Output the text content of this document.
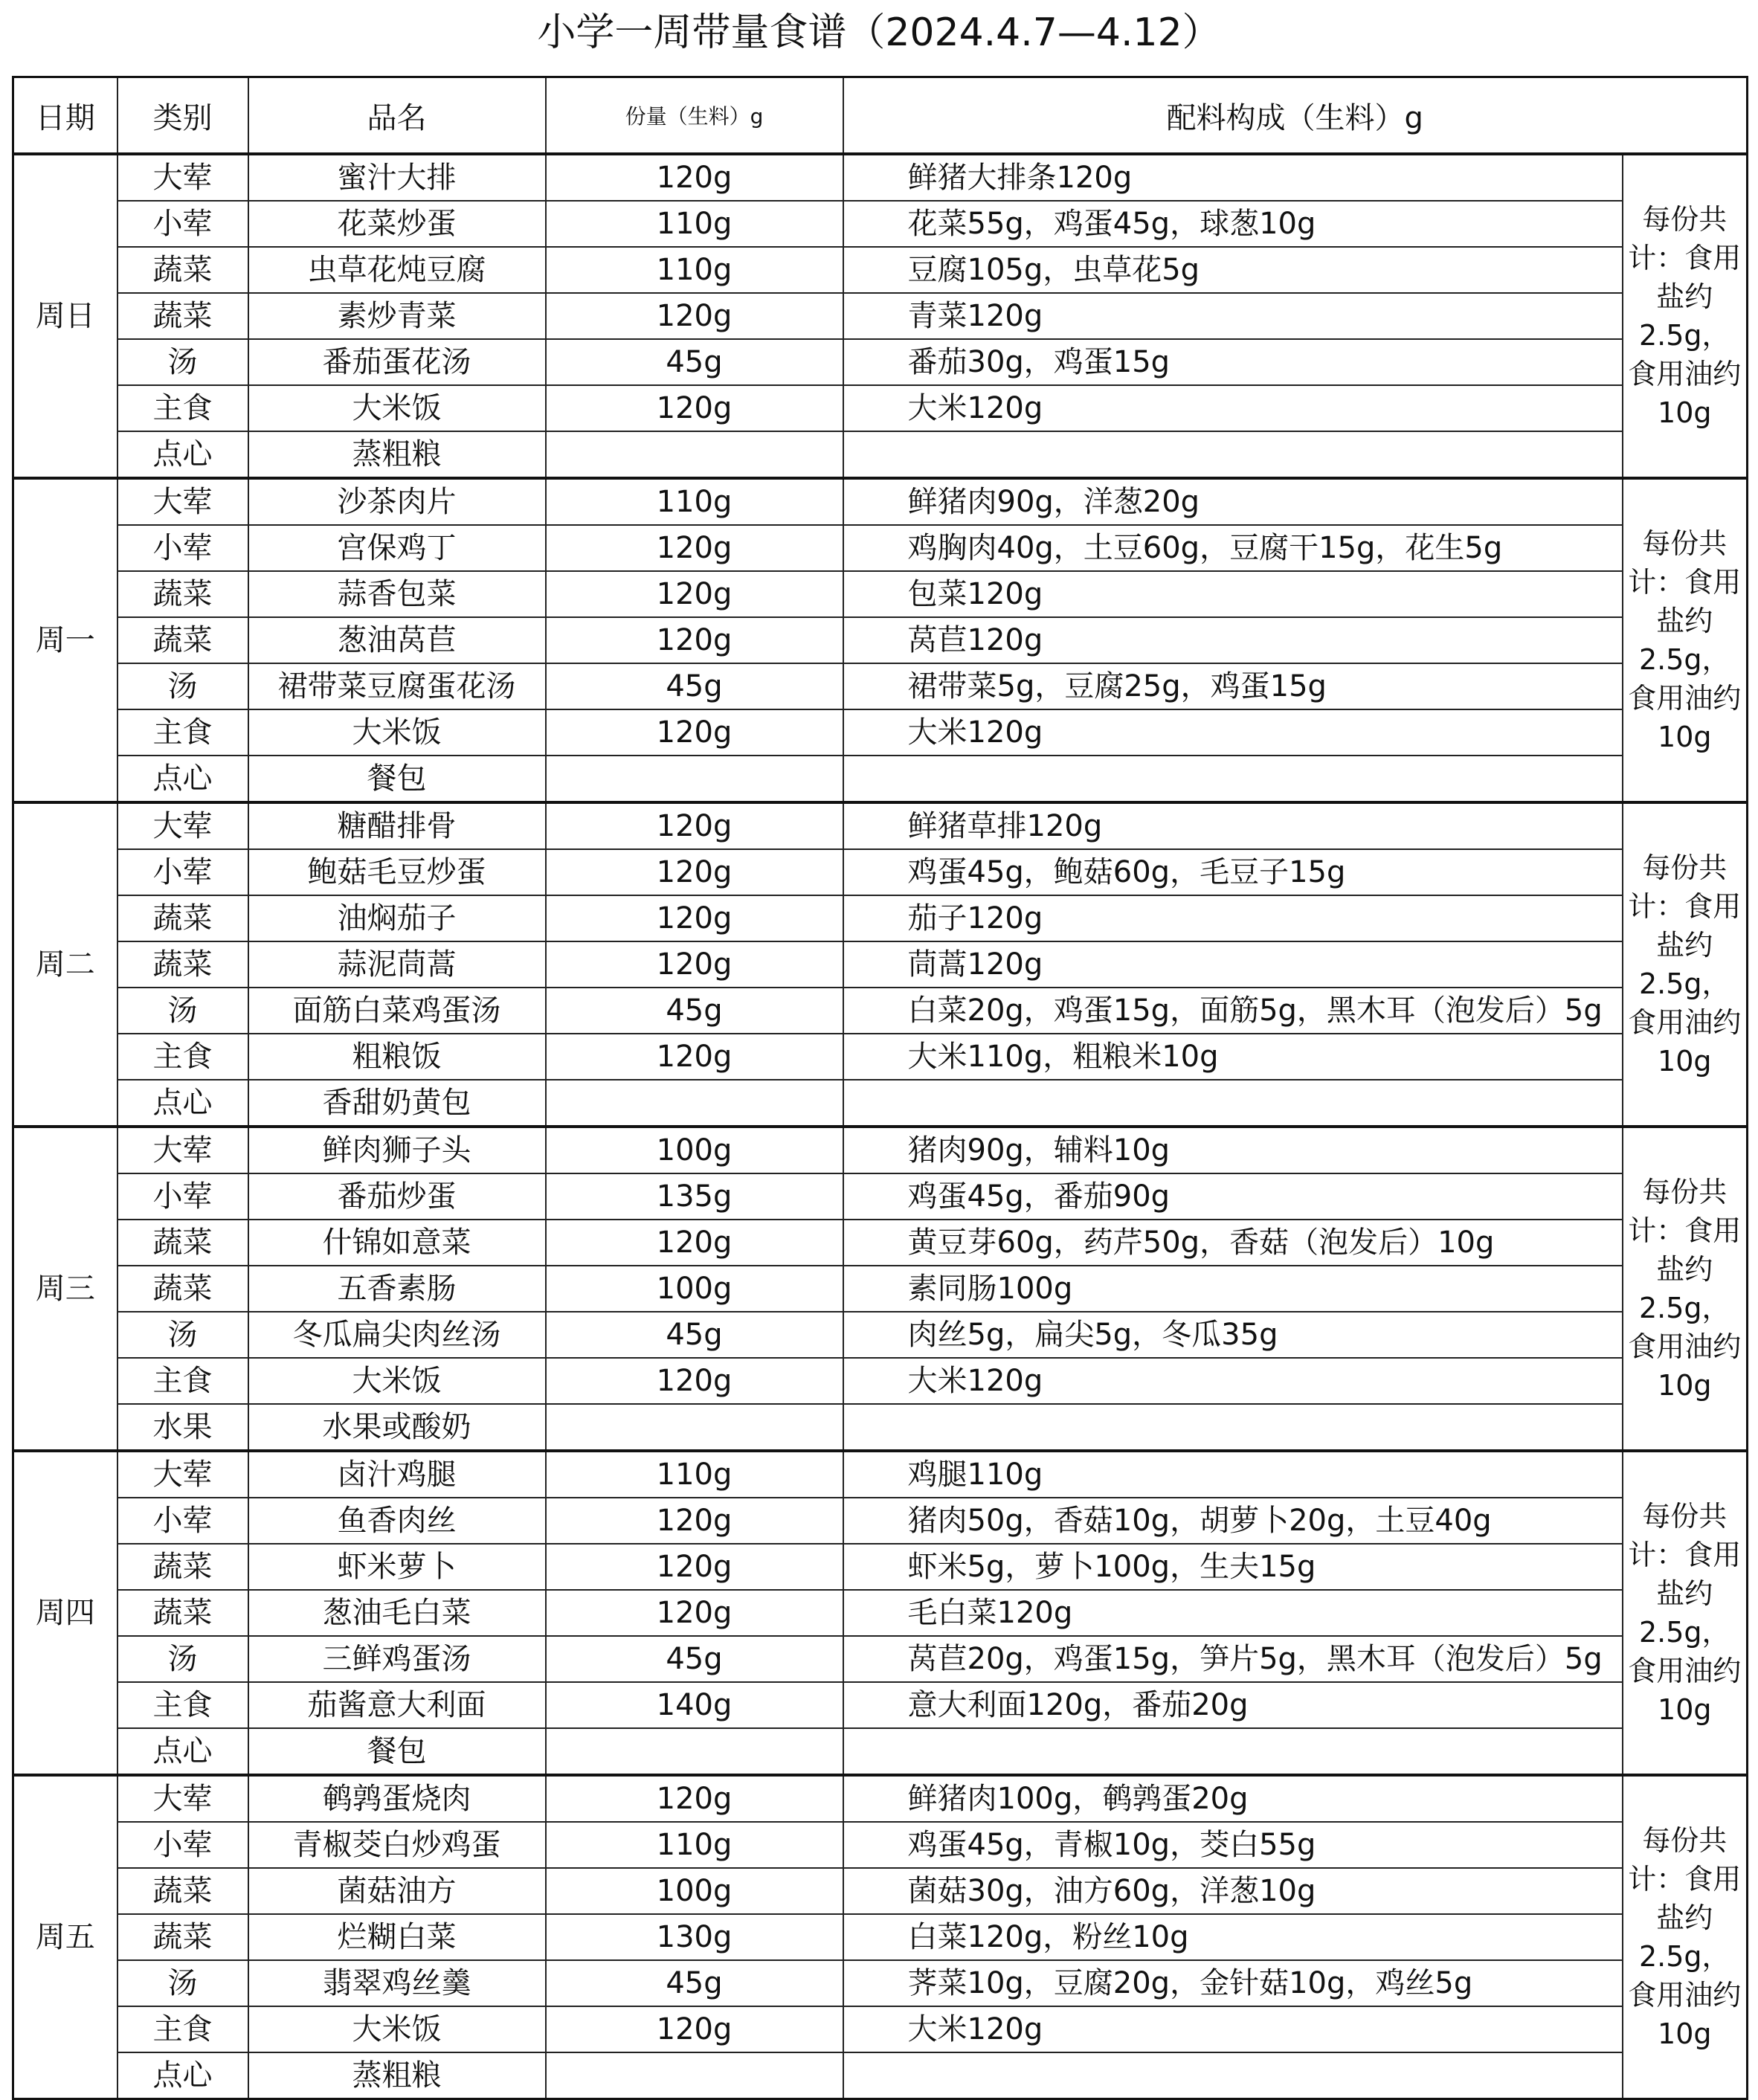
小学一周带量食谱（2024.4.7—4.12）
日期	类别	品名	份量（生料）g	配料构成（生料）g	
周日	大荤	蜜汁大排	120g	鲜猪大排条120g	每份共计：食用盐约2.5g，食用油约10g
	小荤	花菜炒蛋	110g	花菜55g，鸡蛋45g，球葱10g	
	蔬菜	虫草花炖豆腐	110g	豆腐105g，虫草花5g	
	蔬菜	素炒青菜	120g	青菜120g	
	汤	番茄蛋花汤	45g	番茄30g，鸡蛋15g	
	主食	大米饭	120g	大米120g	
	点心	蒸粗粮			
周一	大荤	沙茶肉片	110g	鲜猪肉90g，洋葱20g	每份共计：食用盐约2.5g，食用油约10g
	小荤	宫保鸡丁	120g	鸡胸肉40g，土豆60g，豆腐干15g，花生5g	
	蔬菜	蒜香包菜	120g	包菜120g	
	蔬菜	葱油莴苣	120g	莴苣120g	
	汤	裙带菜豆腐蛋花汤	45g	裙带菜5g，豆腐25g，鸡蛋15g	
	主食	大米饭	120g	大米120g	
	点心	餐包			
周二	大荤	糖醋排骨	120g	鲜猪草排120g	每份共计：食用盐约2.5g，食用油约10g
	小荤	鲍菇毛豆炒蛋	120g	鸡蛋45g，鲍菇60g，毛豆子15g	
	蔬菜	油焖茄子	120g	茄子120g	
	蔬菜	蒜泥茼蒿	120g	茼蒿120g	
	汤	面筋白菜鸡蛋汤	45g	白菜20g，鸡蛋15g，面筋5g，黑木耳（泡发后）5g	
	主食	粗粮饭	120g	大米110g，粗粮米10g	
	点心	香甜奶黄包			
周三	大荤	鲜肉狮子头	100g	猪肉90g，辅料10g	每份共计：食用盐约2.5g，食用油约10g
	小荤	番茄炒蛋	135g	鸡蛋45g，番茄90g	
	蔬菜	什锦如意菜	120g	黄豆芽60g，药芹50g，香菇（泡发后）10g	
	蔬菜	五香素肠	100g	素同肠100g	
	汤	冬瓜扁尖肉丝汤	45g	肉丝5g，扁尖5g，冬瓜35g	
	主食	大米饭	120g	大米120g	
	水果	水果或酸奶			
周四	大荤	卤汁鸡腿	110g	鸡腿110g	每份共计：食用盐约2.5g，食用油约10g
	小荤	鱼香肉丝	120g	猪肉50g，香菇10g，胡萝卜20g，土豆40g	
	蔬菜	虾米萝卜	120g	虾米5g，萝卜100g，生夫15g	
	蔬菜	葱油毛白菜	120g	毛白菜120g	
	汤	三鲜鸡蛋汤	45g	莴苣20g，鸡蛋15g，笋片5g，黑木耳（泡发后）5g	
	主食	茄酱意大利面	140g	意大利面120g，番茄20g	
	点心	餐包			
周五	大荤	鹌鹑蛋烧肉	120g	鲜猪肉100g，鹌鹑蛋20g	每份共计：食用盐约2.5g，食用油约10g
	小荤	青椒茭白炒鸡蛋	110g	鸡蛋45g，青椒10g，茭白55g	
	蔬菜	菌菇油方	100g	菌菇30g，油方60g，洋葱10g	
	蔬菜	烂糊白菜	130g	白菜120g，粉丝10g	
	汤	翡翠鸡丝羹	45g	荠菜10g，豆腐20g，金针菇10g，鸡丝5g	
	主食	大米饭	120g	大米120g	
	点心	蒸粗粮			
